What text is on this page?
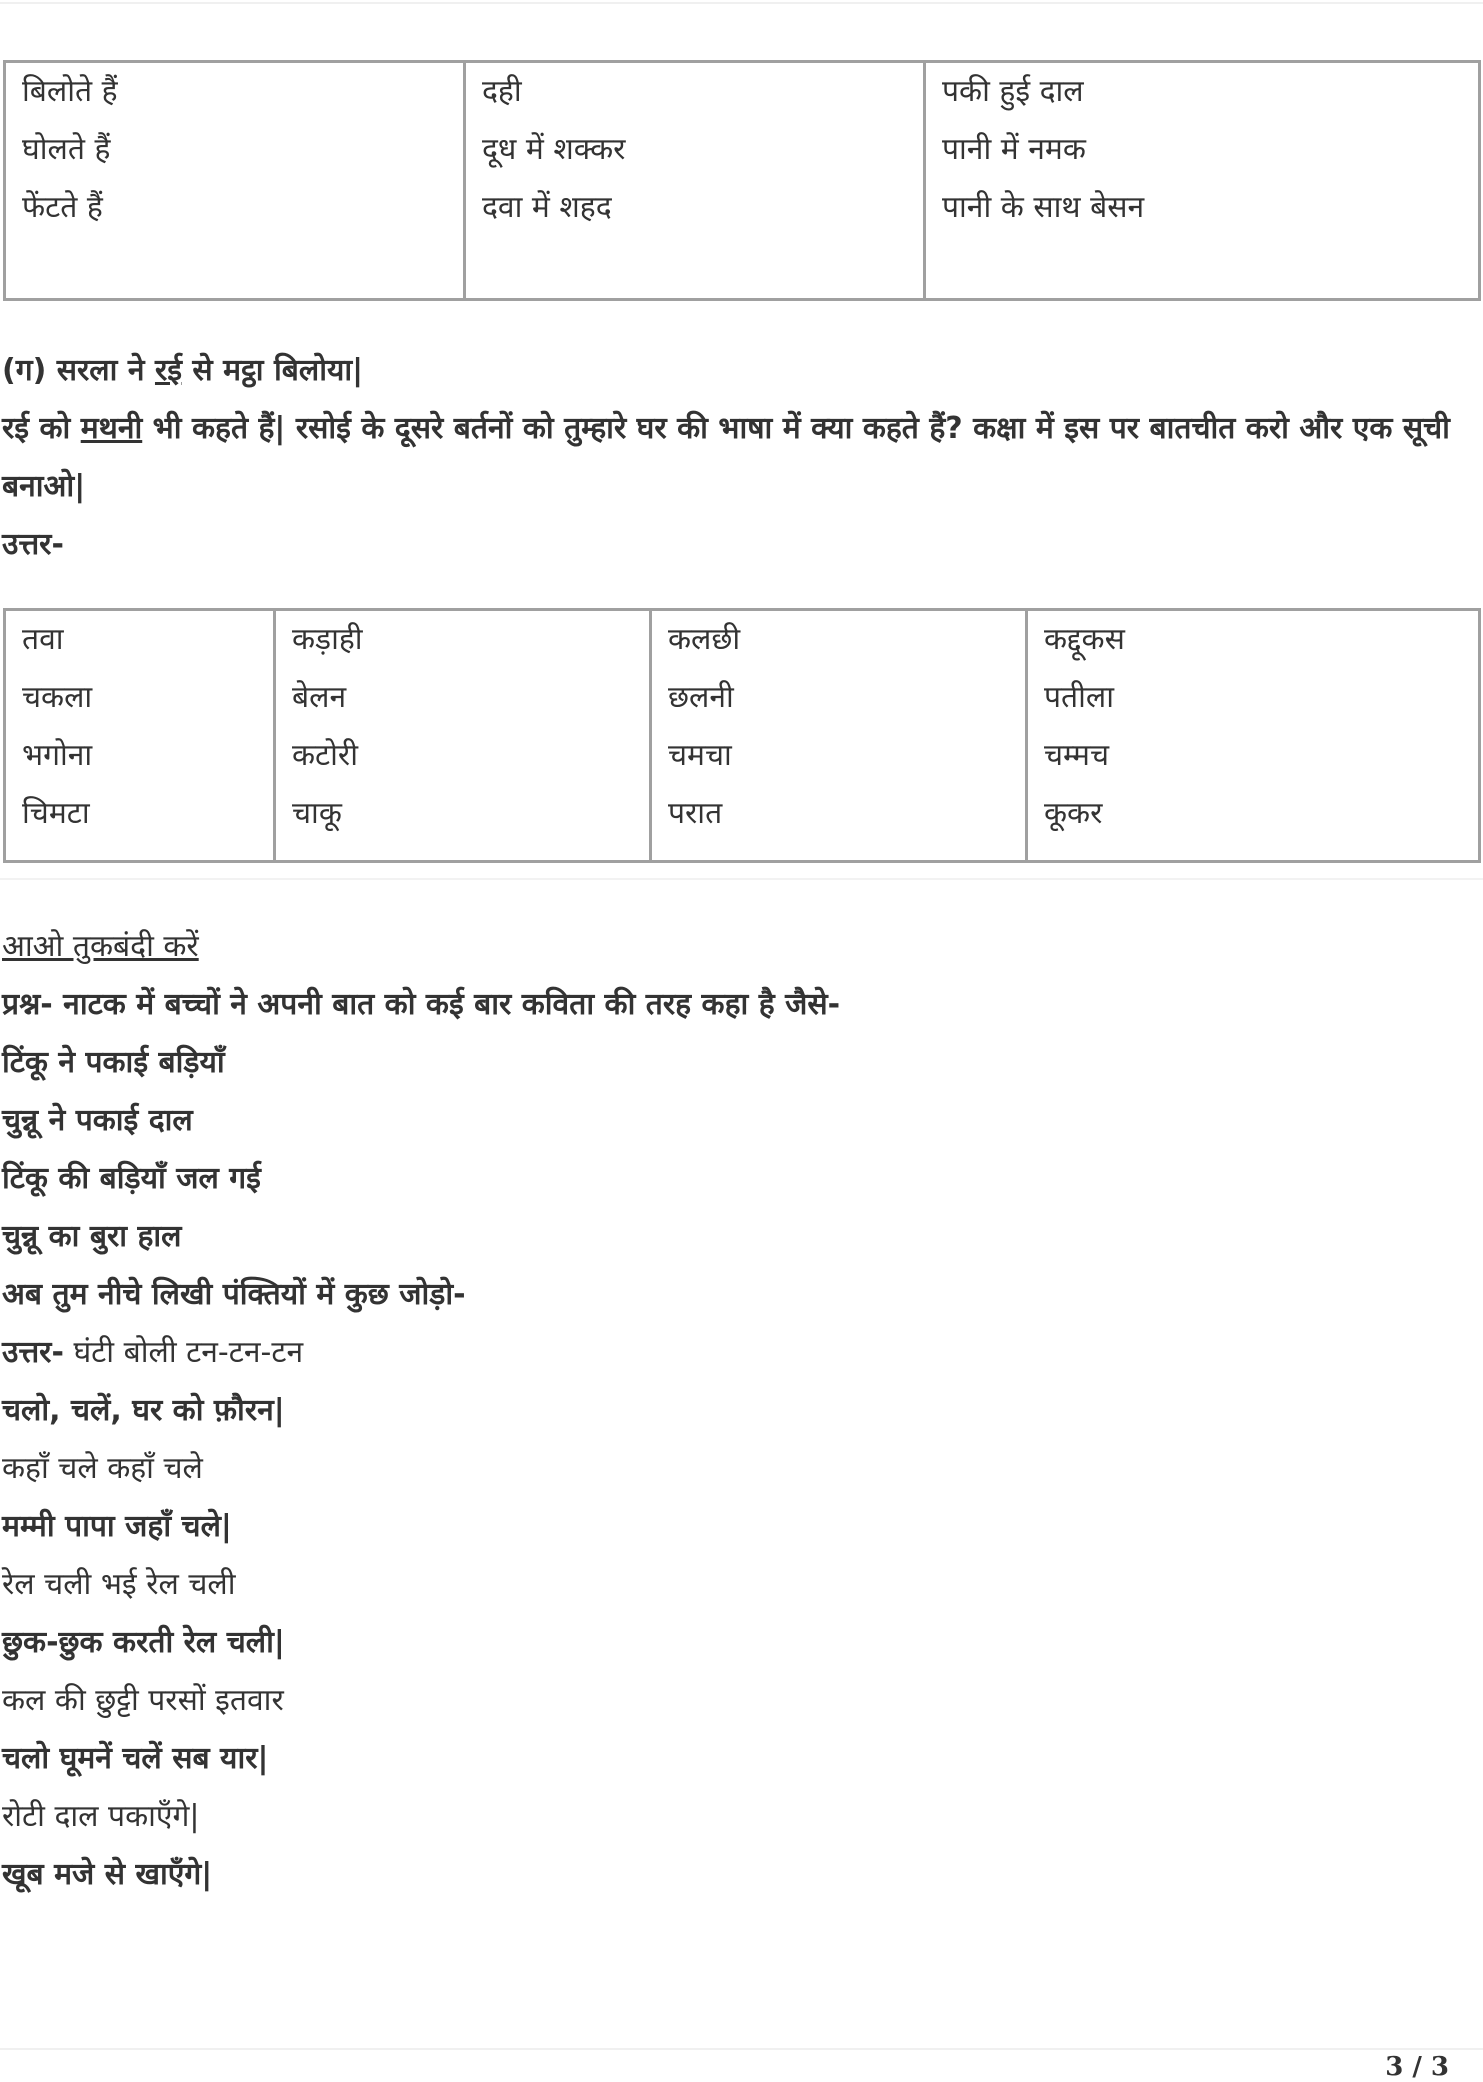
बिलोते हैं
घोलते हैं
फेंटते हैं

दही
दूध में शक्कर
दवा में शहद

पकी हुई दाल
पानी में नमक
पानी के साथ बेसन
(ग) सरला ने रई से मट्ठा बिलोया|
रई को मथनी भी कहते हैं| रसोई के दूसरे बर्तनों को तुम्हारे घर की भाषा में क्या कहते हैं? कक्षा में इस पर बातचीत करो और एक सूची बनाओ|
उत्तर-
तवा
चकला
भगोना
चिमटा

कड़ाही
बेलन
कटोरी
चाकू

कलछी
छलनी
चमचा
परात

कद्दूकस
पतीला
चम्मच
कूकर
आओ तुकबंदी करें
प्रश्न- नाटक में बच्चों ने अपनी बात को कई बार कविता की तरह कहा है जैसे-
टिंकू ने पकाई बड़ियाँ
चुन्नू ने पकाई दाल
टिंकू की बड़ियाँ जल गई
चुन्नू का बुरा हाल
अब तुम नीचे लिखी पंक्तियों में कुछ जोड़ो-
उत्तर- घंटी बोली टन-टन-टन
चलो, चलें, घर को फ़ौरन|
कहाँ चले कहाँ चले
मम्मी पापा जहाँ चले|
रेल चली भई रेल चली
छुक-छुक करती रेल चली|
कल की छुट्टी परसों इतवार
चलो घूमनें चलें सब यार|
रोटी दाल पकाएँगे|
खूब मजे से खाएँगे|
3 / 3
